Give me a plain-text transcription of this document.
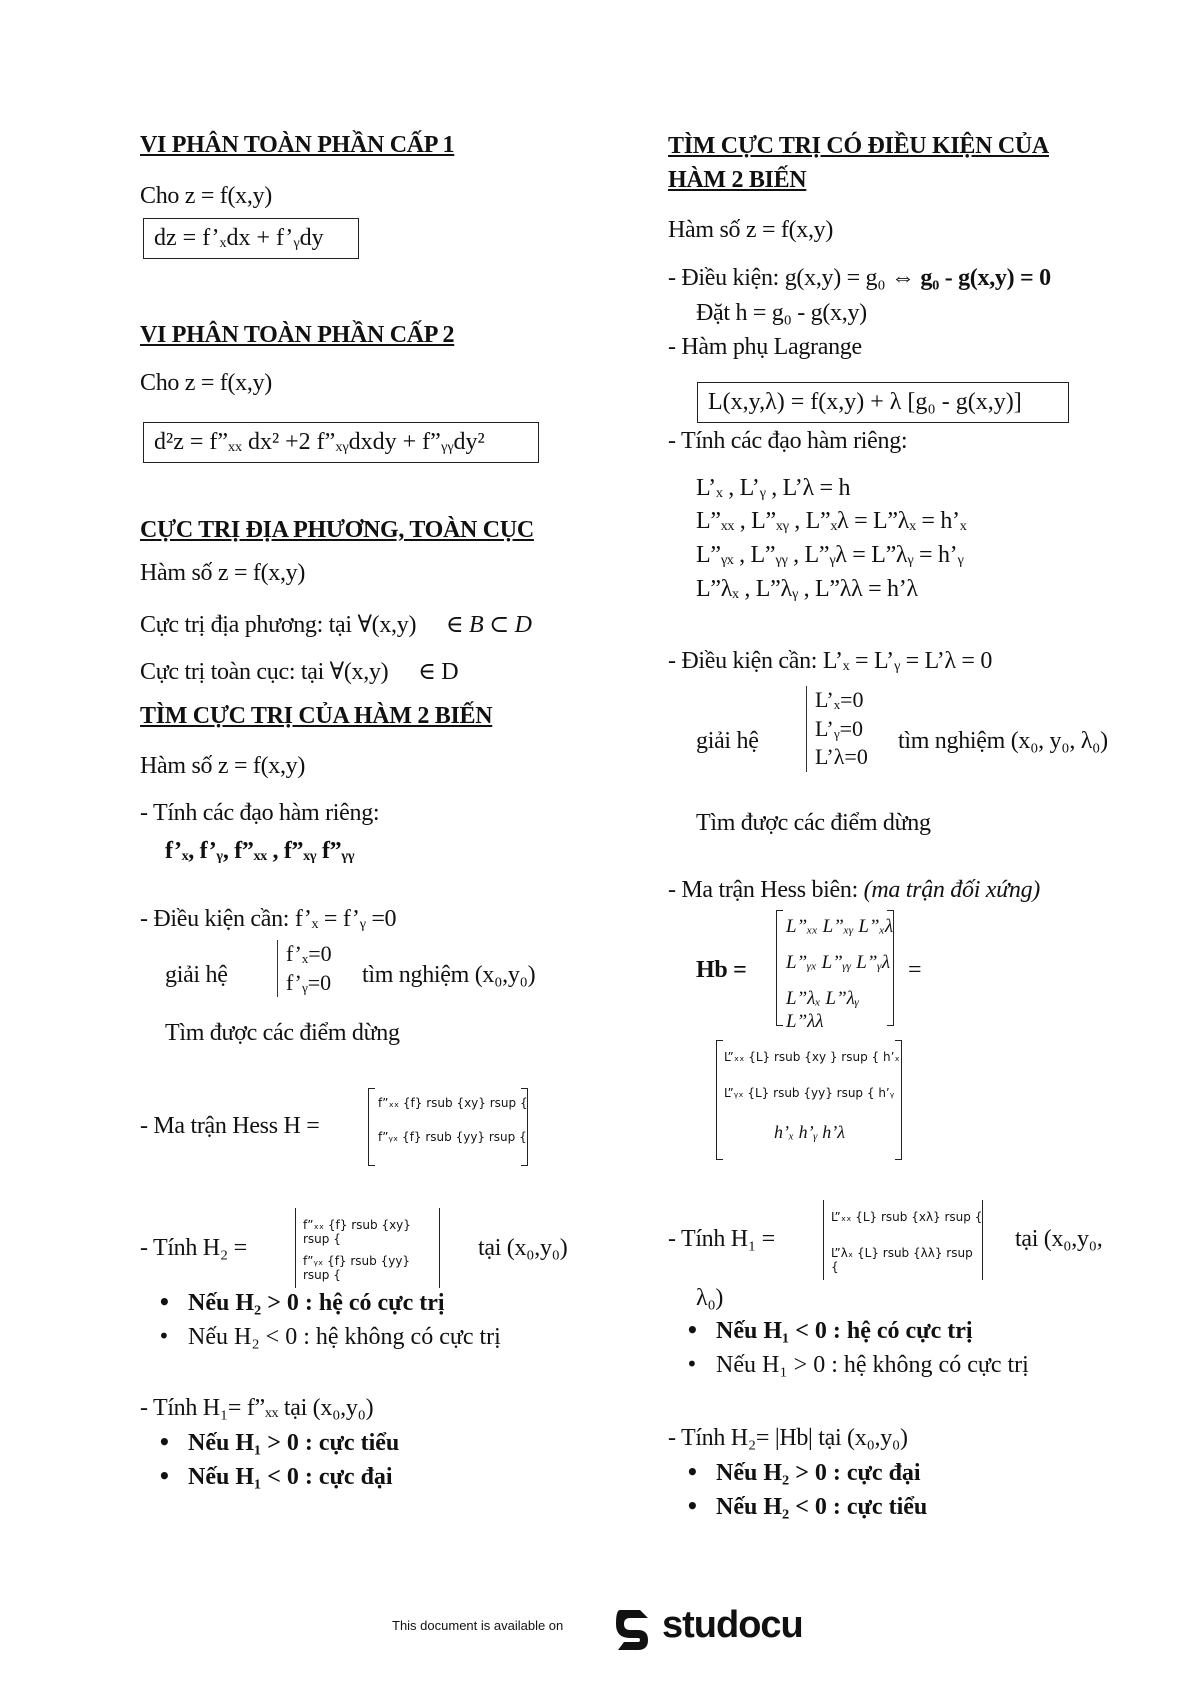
VI PHÂN TOÀN PHẦN CẤP 1
Cho z = f(x,y)
dz = f’ₓdx + f’ᵧdy
VI PHÂN TOÀN PHẦN CẤP 2
Cho z = f(x,y)
d²z = f”ₓₓ dx² +2 f”ₓᵧdxdy + f”ᵧᵧdy²
CỰC TRỊ ĐỊA PHƯƠNG, TOÀN CỤC
Hàm số z = f(x,y)
Cực trị địa phương: tại ∀(x,y) ∈ B ⊂ D
Cực trị toàn cục: tại ∀(x,y) ∈ D
TÌM CỰC TRỊ CỦA HÀM 2 BIẾN
Hàm số z = f(x,y)
- Tính các đạo hàm riêng:
f’ₓ, f’ᵧ, f”ₓₓ , f”ₓᵧ f”ᵧᵧ
- Điều kiện cần: f’ₓ = f’ᵧ =0
giải hệ
f’ₓ=0
f’ᵧ=0 tìm nghiệm (x₀,y₀)
Tìm được các điểm dừng
- Ma trận Hess H =
f”ₓₓ {f} rsub {xy} rsup {
f”ᵧₓ {f} rsub {yy} rsup {
- Tính H₂ =
f”ₓₓ {f} rsub {xy} rsup {
f”ᵧₓ {f} rsub {yy} rsup {
tại (x₀,y₀)
• Nếu H₂ > 0 : hệ có cực trị
• Nếu H₂ < 0 : hệ không có cực trị
- Tính H₁= f”ₓₓ tại (x₀,y₀)
• Nếu H₁ > 0 : cực tiểu
• Nếu H₁ < 0 : cực đại
TÌM CỰC TRỊ CÓ ĐIỀU KIỆN CỦA
HÀM 2 BIẾN
Hàm số z = f(x,y)
- Điều kiện: g(x,y) = g₀ ⇔ g₀ - g(x,y) = 0
Đặt h = g₀ - g(x,y)
- Hàm phụ Lagrange
L(x,y,λ) = f(x,y) + λ [g₀ - g(x,y)]
- Tính các đạo hàm riêng:
L’ₓ , L’ᵧ , L’λ = h
L”ₓₓ , L”ₓᵧ , L”ₓλ = L”λₓ = h’ₓ
L”ᵧₓ , L”ᵧᵧ , L”ᵧλ = L”λᵧ = h’ᵧ
L”λₓ , L”λᵧ , L”λλ = h’λ
- Điều kiện cần: L’ₓ = L’ᵧ = L’λ = 0
giải hệ
L’ₓ=0
L’ᵧ=0
L’λ=0
tìm nghiệm (x₀, y₀, λ₀)
Tìm được các điểm dừng
- Ma trận Hess biên: (ma trận đối xứng)
Hb =
L”ₓₓ L”ₓᵧ L”ₓλ
L”ᵧₓ L”ᵧᵧ L”ᵧλ
L”λₓ L”λᵧ L”λλ
=
L”ₓₓ {L} rsub {xy } rsup { h’ₓ
L”ᵧₓ {L} rsub {yy} rsup { h’ᵧ
h’ₓ h’ᵧ h’λ
- Tính H₁ =
L”ₓₓ {L} rsub {xλ} rsup {
L”λₓ {L} rsub {λλ} rsup {
tại (x₀,y₀,
λ₀)
• Nếu H₁ < 0 : hệ có cực trị
• Nếu H₁ > 0 : hệ không có cực trị
- Tính H₂= |Hb| tại (x₀,y₀)
• Nếu H₂ > 0 : cực đại
• Nếu H₂ < 0 : cực tiểu
This document is available on	studocu
